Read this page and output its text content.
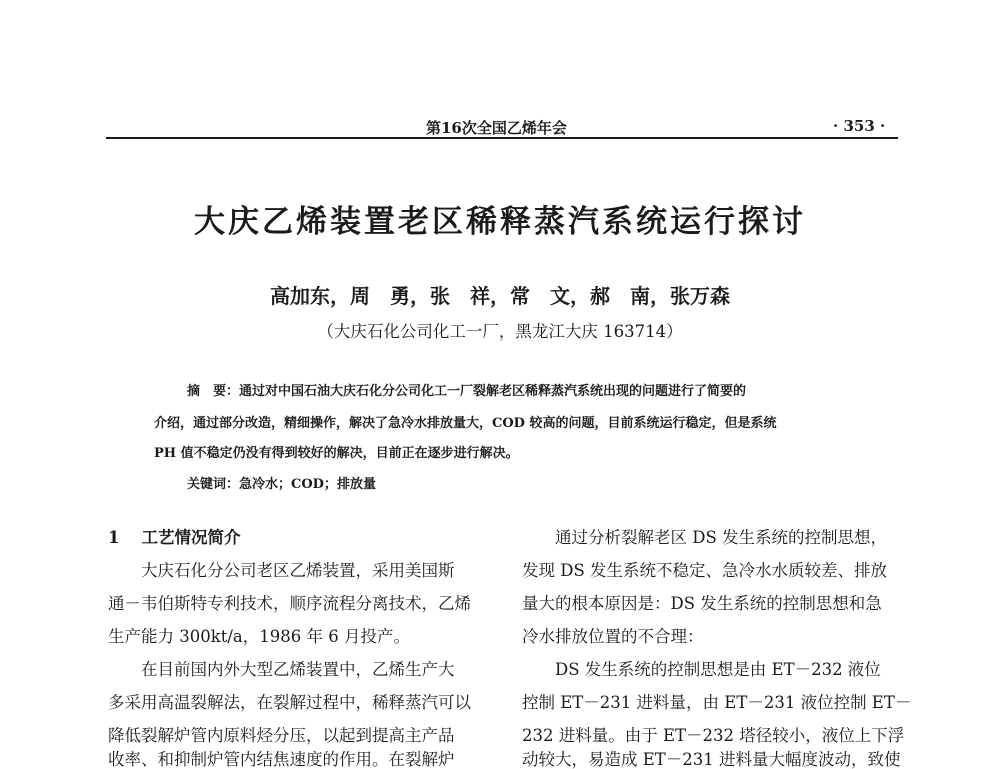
第16次全国乙烯年会	· 353 ·
大庆乙烯装置老区稀释蒸汽系统运行探讨
高加东，周　勇，张　祥，常　文，郝　南，张万森
（大庆石化公司化工一厂，黑龙江大庆 163714）
摘　要：通过对中国石油大庆石化分公司化工一厂裂解老区稀释蒸汽系统出现的问题进行了简要的
介绍，通过部分改造，精细操作，解决了急冷水排放量大，COD 较高的问题，目前系统运行稳定，但是系统
PH 值不稳定仍没有得到较好的解决，目前正在逐步进行解决。
关键词：急冷水；COD；排放量
1 工艺情况简介
　　大庆石化分公司老区乙烯装置，采用美国斯
通－韦伯斯特专利技术，顺序流程分离技术，乙烯
生产能力 300kt/a，1986 年 6 月投产。
　　在目前国内外大型乙烯装置中，乙烯生产大
多采用高温裂解法，在裂解过程中，稀释蒸汽可以
降低裂解炉管内原料烃分压，以起到提高主产品
收率、和抑制炉管内结焦速度的作用。在裂解炉
　　通过分析裂解老区 DS 发生系统的控制思想，
发现 DS 发生系统不稳定、急冷水水质较差、排放
量大的根本原因是：DS 发生系统的控制思想和急
冷水排放位置的不合理：
　　DS 发生系统的控制思想是由 ET－232 液位
控制 ET－231 进料量，由 ET－231 液位控制 ET－
232 进料量。由于 ET－232 塔径较小，液位上下浮
动较大，易造成 ET－231 进料量大幅度波动，致使
